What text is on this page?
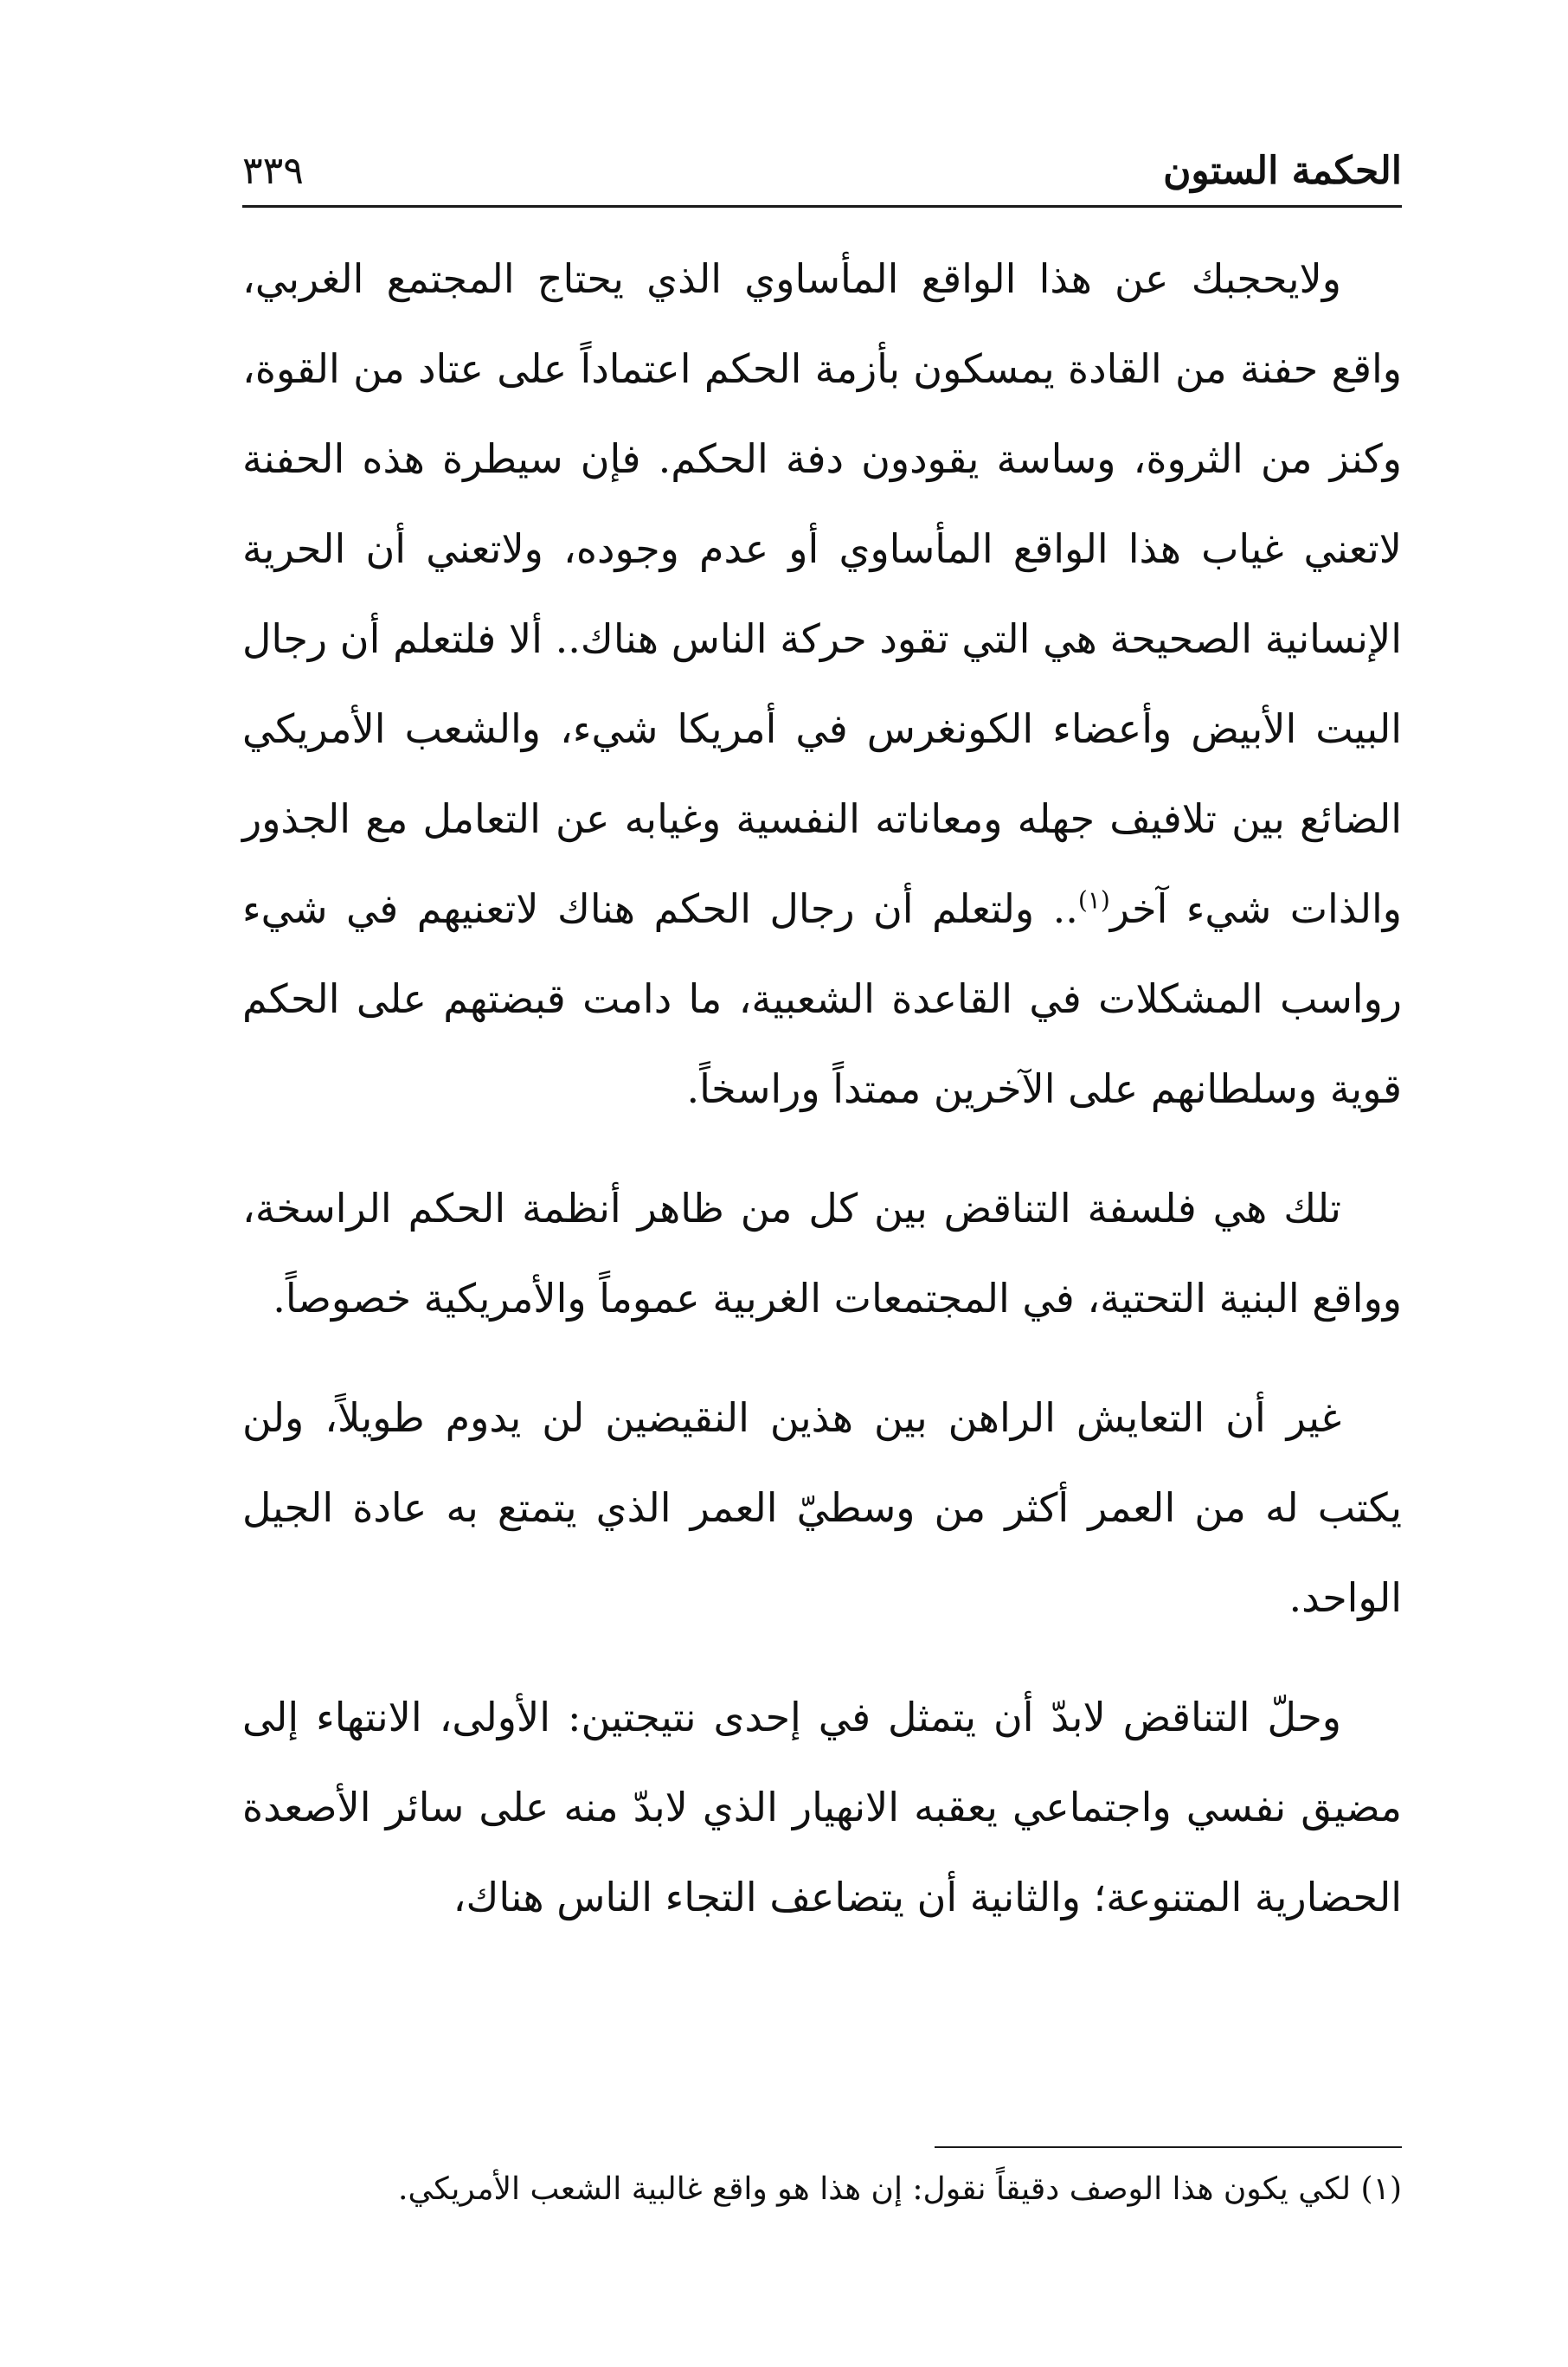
الحكمة الستون
٣٣٩

ولايحجبك عن هذا الواقع المأساوي الذي يحتاج المجتمع الغربي، واقع حفنة من القادة يمسكون بأزمة الحكم اعتماداً على عتاد من القوة، وكنز من الثروة، وساسة يقودون دفة الحكم. فإن سيطرة هذه الحفنة لاتعني غياب هذا الواقع المأساوي أو عدم وجوده، ولاتعني أن الحرية الإنسانية الصحيحة هي التي تقود حركة الناس هناك.. ألا فلتعلم أن رجال البيت الأبيض وأعضاء الكونغرس في أمريكا شيء، والشعب الأمريكي الضائع بين تلافيف جهله ومعاناته النفسية وغيابه عن التعامل مع الجذور والذات شيء آخر$^{(١)}$.. ولتعلم أن رجال الحكم هناك لاتعنيهم في شيء رواسب المشكلات في القاعدة الشعبية، ما دامت قبضتهم على الحكم قوية وسلطانهم على الآخرين ممتداً وراسخاً.

تلك هي فلسفة التناقض بين كل من ظاهر أنظمة الحكم الراسخة، وواقع البنية التحتية، في المجتمعات الغربية عموماً والأمريكية خصوصاً.

غير أن التعايش الراهن بين هذين النقيضين لن يدوم طويلاً، ولن يكتب له من العمر أكثر من وسطيّ العمر الذي يتمتع به عادة الجيل الواحد.

وحلّ التناقض لابدّ أن يتمثل في إحدى نتيجتين: الأولى، الانتهاء إلى مضيق نفسي واجتماعي يعقبه الانهيار الذي لابدّ منه على سائر الأصعدة الحضارية المتنوعة؛ والثانية أن يتضاعف التجاء الناس هناك،

(١) لكي يكون هذا الوصف دقيقاً نقول: إن هذا هو واقع غالبية الشعب الأمريكي.
